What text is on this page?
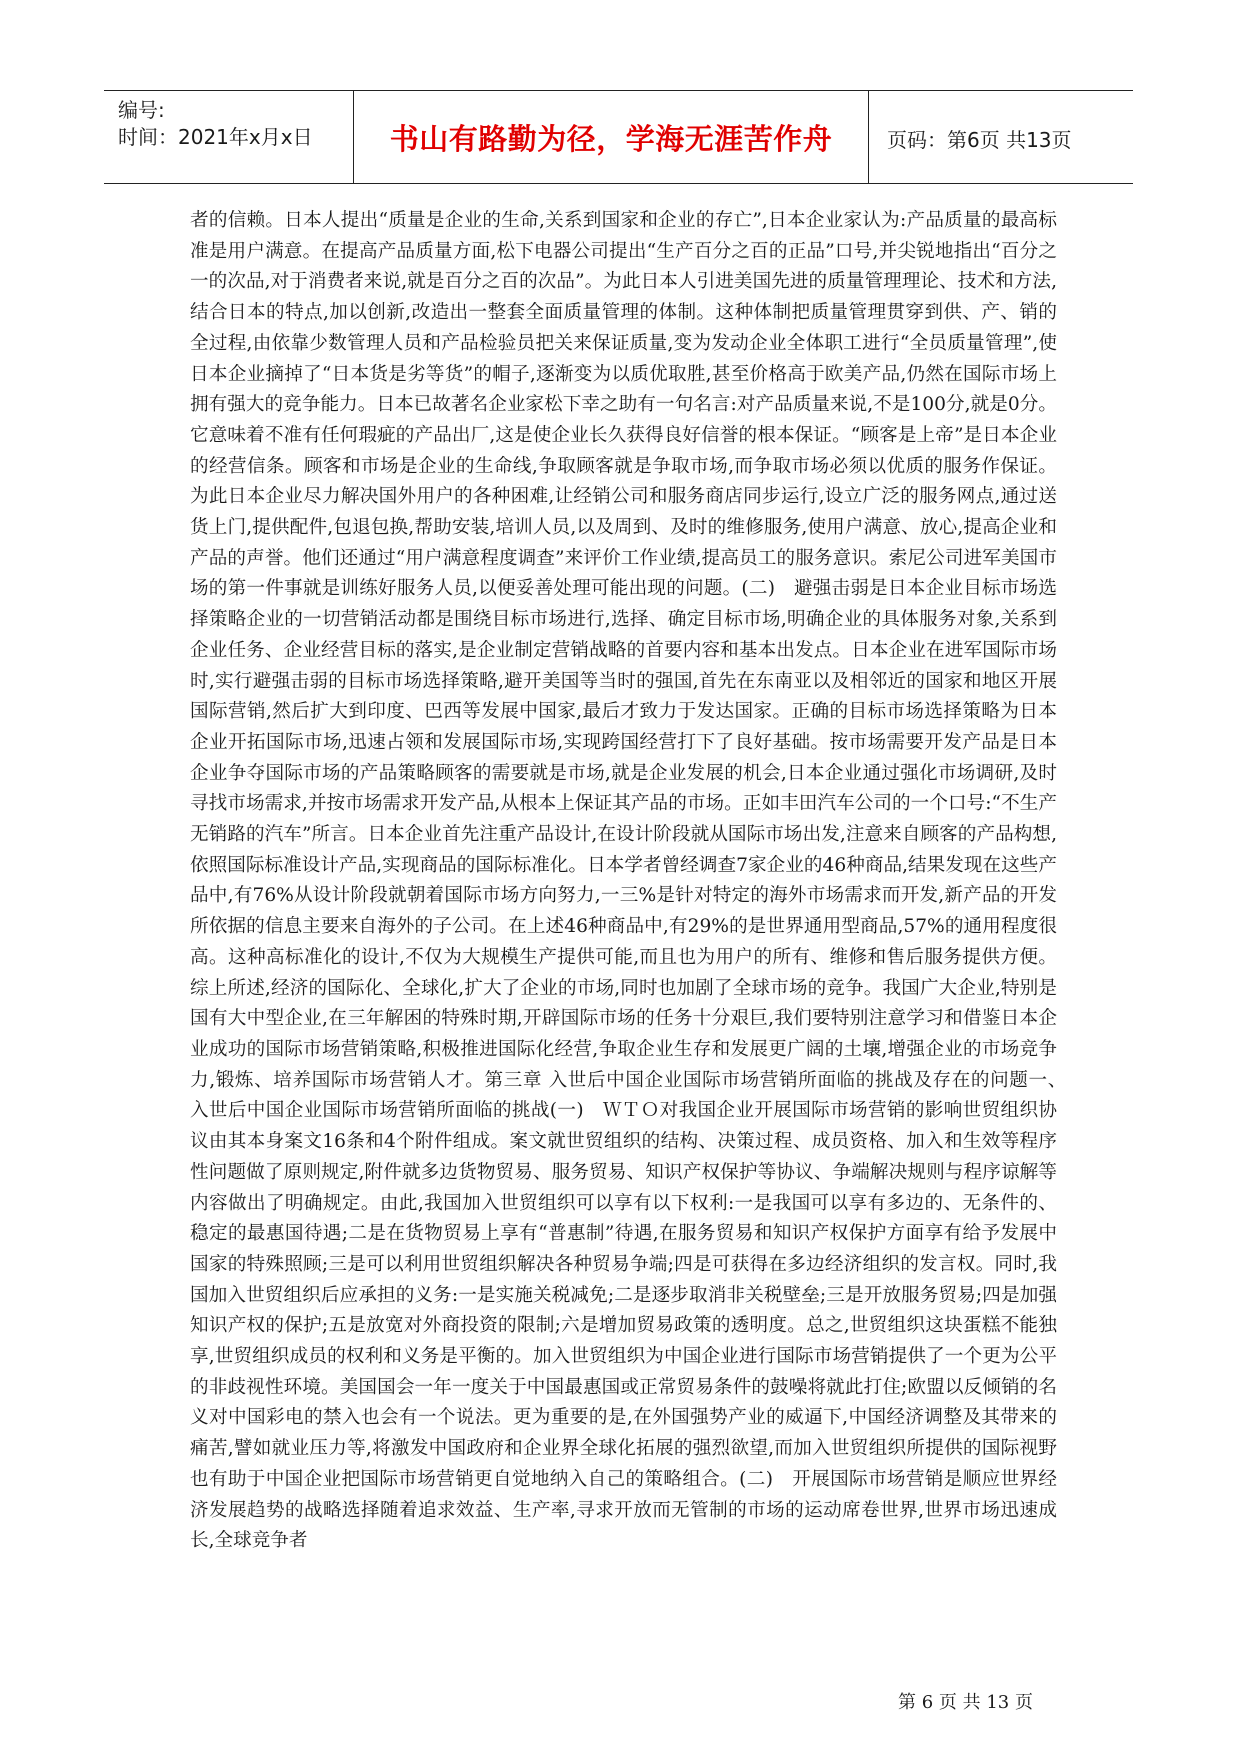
编号:
时间：2021年x月x日	书山有路勤为径，学海无涯苦作舟	页码：第6页 共13页

者的信赖。日本人提出“质量是企业的生命,关系到国家和企业的存亡”,日本企业家认为:产品质量的最高标准是用户满意。在提高产品质量方面,松下电器公司提出“生产百分之百的正品”口号,并尖锐地指出“百分之一的次品,对于消费者来说,就是百分之百的次品”。为此日本人引进美国先进的质量管理理论、技术和方法,结合日本的特点,加以创新,改造出一整套全面质量管理的体制。这种体制把质量管理贯穿到供、产、销的全过程,由依靠少数管理人员和产品检验员把关来保证质量,变为发动企业全体职工进行“全员质量管理”,使日本企业摘掉了“日本货是劣等货”的帽子,逐渐变为以质优取胜,甚至价格高于欧美产品,仍然在国际市场上拥有强大的竞争能力。日本已故著名企业家松下幸之助有一句名言:对产品质量来说,不是100分,就是0分。它意味着不准有任何瑕疵的产品出厂,这是使企业长久获得良好信誉的根本保证。“顾客是上帝”是日本企业的经营信条。顾客和市场是企业的生命线,争取顾客就是争取市场,而争取市场必须以优质的服务作保证。为此日本企业尽力解决国外用户的各种困难,让经销公司和服务商店同步运行,设立广泛的服务网点,通过送货上门,提供配件,包退包换,帮助安装,培训人员,以及周到、及时的维修服务,使用户满意、放心,提高企业和产品的声誉。他们还通过“用户满意程度调查”来评价工作业绩,提高员工的服务意识。索尼公司进军美国市场的第一件事就是训练好服务人员,以便妥善处理可能出现的问题。(二)　避强击弱是日本企业目标市场选择策略企业的一切营销活动都是围绕目标市场进行,选择、确定目标市场,明确企业的具体服务对象,关系到企业任务、企业经营目标的落实,是企业制定营销战略的首要内容和基本出发点。日本企业在进军国际市场时,实行避强击弱的目标市场选择策略,避开美国等当时的强国,首先在东南亚以及相邻近的国家和地区开展国际营销,然后扩大到印度、巴西等发展中国家,最后才致力于发达国家。正确的目标市场选择策略为日本企业开拓国际市场,迅速占领和发展国际市场,实现跨国经营打下了良好基础。按市场需要开发产品是日本企业争夺国际市场的产品策略顾客的需要就是市场,就是企业发展的机会,日本企业通过强化市场调研,及时寻找市场需求,并按市场需求开发产品,从根本上保证其产品的市场。正如丰田汽车公司的一个口号:“不生产无销路的汽车”所言。日本企业首先注重产品设计,在设计阶段就从国际市场出发,注意来自顾客的产品构想,依照国际标准设计产品,实现商品的国际标准化。日本学者曾经调查7家企业的46种商品,结果发现在这些产品中,有76%从设计阶段就朝着国际市场方向努力,一三%是针对特定的海外市场需求而开发,新产品的开发所依据的信息主要来自海外的子公司。在上述46种商品中,有29%的是世界通用型商品,57%的通用程度很高。这种高标准化的设计,不仅为大规模生产提供可能,而且也为用户的所有、维修和售后服务提供方便。综上所述,经济的国际化、全球化,扩大了企业的市场,同时也加剧了全球市场的竞争。我国广大企业,特别是国有大中型企业,在三年解困的特殊时期,开辟国际市场的任务十分艰巨,我们要特别注意学习和借鉴日本企业成功的国际市场营销策略,积极推进国际化经营,争取企业生存和发展更广阔的土壤,增强企业的市场竞争力,锻炼、培养国际市场营销人才。第三章 入世后中国企业国际市场营销所面临的挑战及存在的问题一、　入世后中国企业国际市场营销所面临的挑战(一)　ＷＴＯ对我国企业开展国际市场营销的影响世贸组织协议由其本身案文16条和4个附件组成。案文就世贸组织的结构、决策过程、成员资格、加入和生效等程序性问题做了原则规定,附件就多边货物贸易、服务贸易、知识产权保护等协议、争端解决规则与程序谅解等内容做出了明确规定。由此,我国加入世贸组织可以享有以下权利:一是我国可以享有多边的、无条件的、稳定的最惠国待遇;二是在货物贸易上享有“普惠制”待遇,在服务贸易和知识产权保护方面享有给予发展中国家的特殊照顾;三是可以利用世贸组织解决各种贸易争端;四是可获得在多边经济组织的发言权。同时,我国加入世贸组织后应承担的义务:一是实施关税减免;二是逐步取消非关税壁垒;三是开放服务贸易;四是加强知识产权的保护;五是放宽对外商投资的限制;六是增加贸易政策的透明度。总之,世贸组织这块蛋糕不能独享,世贸组织成员的权利和义务是平衡的。加入世贸组织为中国企业进行国际市场营销提供了一个更为公平的非歧视性环境。美国国会一年一度关于中国最惠国或正常贸易条件的鼓噪将就此打住;欧盟以反倾销的名义对中国彩电的禁入也会有一个说法。更为重要的是,在外国强势产业的威逼下,中国经济调整及其带来的痛苦,譬如就业压力等,将激发中国政府和企业界全球化拓展的强烈欲望,而加入世贸组织所提供的国际视野也有助于中国企业把国际市场营销更自觉地纳入自己的策略组合。(二)　开展国际市场营销是顺应世界经济发展趋势的战略选择随着追求效益、生产率,寻求开放而无管制的市场的运动席卷世界,世界市场迅速成长,全球竞争者

第 6 页 共 13 页
